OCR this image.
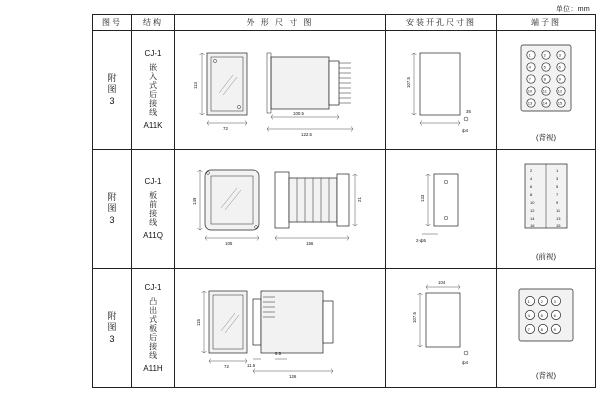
单位：mm
图号	结构	外 形 尺 寸 图	安装开孔尺寸图	端子图

附
图
3

CJ-1
嵌入式后接线
A11K

113
72
100.5
122.5

107.5
36
ф4

1	2	3
4	5	6
7	8	9
10	11	12
13	14	15
(背视)

附
图
3

CJ-1
板前接线
A11Q

149
105
21
156

133
2-ф5

2	1
4	3
6	5
8	7
10	9
12	11
14	13
16	15
(前视)

附
图
3

CJ-1
凸出式板后接线
A11H

115
72	11.5
9.5
126

107.5
104
ф4

1	2	3
4	5	6
7	8	9
(背视)
